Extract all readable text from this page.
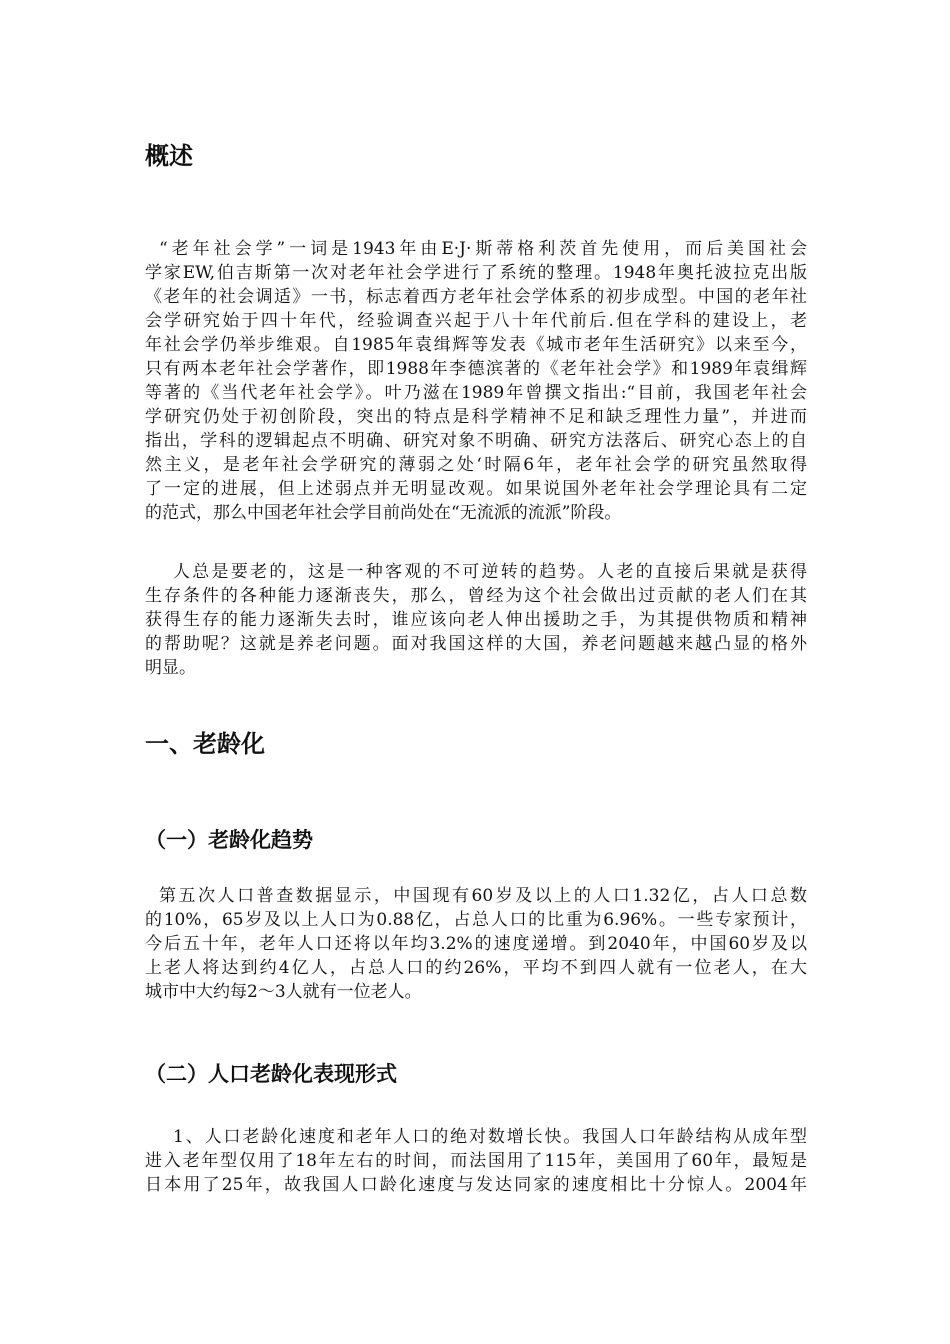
概述
“老年社会学”一词是1943年由E·J·斯蒂格利茨首先使用，而后美国社会
学家EW,伯吉斯第一次对老年社会学进行了系统的整理。1948年奥托波拉克出版
《老年的社会调适》一书，标志着西方老年社会学体系的初步成型。中国的老年社
会学研究始于四十年代，经验调查兴起于八十年代前后.但在学科的建设上，老
年社会学仍举步维艰。自1985年袁缉辉等发表《城市老年生活研究》以来至今，
只有两本老年社会学著作，即1988年李德滨著的《老年社会学》和1989年袁缉辉
等著的《当代老年社会学》。叶乃滋在1989年曾撰文指出:“目前，我国老年社会
学研究仍处于初创阶段，突出的特点是科学精神不足和缺乏理性力量”，并进而
指出，学科的逻辑起点不明确、研究对象不明确、研究方法落后、研究心态上的自
然主义，是老年社会学研究的薄弱之处‘时隔6年，老年社会学的研究虽然取得
了一定的进展，但上述弱点并无明显改观。如果说国外老年社会学理论具有二定
的范式，那么中国老年社会学目前尚处在“无流派的流派”阶段。
人总是要老的，这是一种客观的不可逆转的趋势。人老的直接后果就是获得
生存条件的各种能力逐渐丧失，那么，曾经为这个社会做出过贡献的老人们在其
获得生存的能力逐渐失去时，谁应该向老人伸出援助之手，为其提供物质和精神
的帮助呢？这就是养老问题。面对我国这样的大国，养老问题越来越凸显的格外
明显。
一、老龄化
（一）老龄化趋势
第五次人口普查数据显示，中国现有60岁及以上的人口1.32亿，占人口总数
的10%，65岁及以上人口为0.88亿，占总人口的比重为6.96%。一些专家预计，
今后五十年，老年人口还将以年均3.2%的速度递增。到2040年，中国60岁及以
上老人将达到约4亿人，占总人口的约26%，平均不到四人就有一位老人，在大
城市中大约每2～3人就有一位老人。
（二）人口老龄化表现形式
1、人口老龄化速度和老年人口的绝对数增长快。我国人口年龄结构从成年型
进入老年型仅用了18年左右的时间，而法国用了115年，美国用了60年，最短是
日本用了25年，故我国人口龄化速度与发达同家的速度相比十分惊人。2004年
